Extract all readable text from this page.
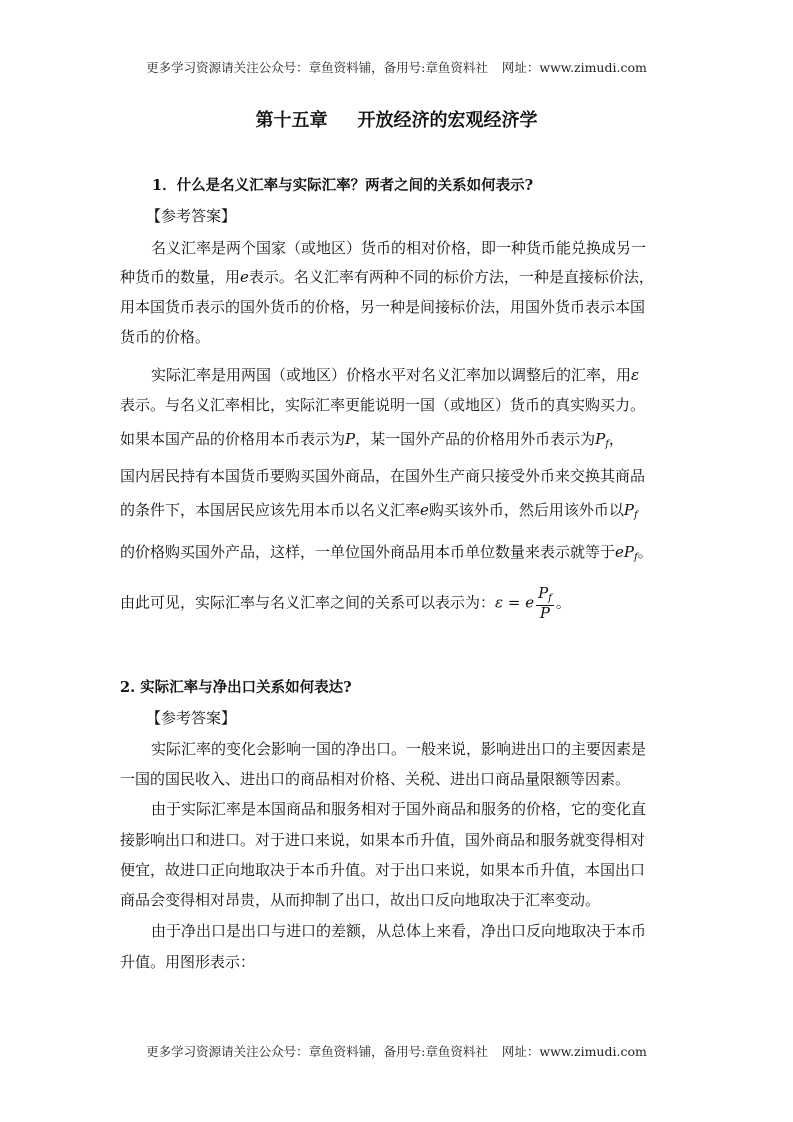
更多学习资源请关注公众号：章鱼资料铺，备用号:章鱼资料社 网址：www.zimudi.com
第十五章 开放经济的宏观经济学
1．什么是名义汇率与实际汇率？两者之间的关系如何表示?
【参考答案】
名义汇率是两个国家（或地区）货币的相对价格，即一种货币能兑换成另一
种货币的数量，用e表示。名义汇率有两种不同的标价方法，一种是直接标价法，
用本国货币表示的国外货币的价格，另一种是间接标价法，用国外货币表示本国
货币的价格。
实际汇率是用两国（或地区）价格水平对名义汇率加以调整后的汇率，用ε
表示。与名义汇率相比，实际汇率更能说明一国（或地区）货币的真实购买力。
如果本国产品的价格用本币表示为P，某一国外产品的价格用外币表示为$P_f$，
国内居民持有本国货币要购买国外商品，在国外生产商只接受外币来交换其商品
的条件下，本国居民应该先用本币以名义汇率e购买该外币，然后用该外币以$P_f$
的价格购买国外产品，这样，一单位国外商品用本币单位数量来表示就等于$eP_f$。
由此可见，实际汇率与名义汇率之间的关系可以表示为：ε = e $\frac{P_f}{P}$ 。
2. 实际汇率与净出口关系如何表达?
【参考答案】
实际汇率的变化会影响一国的净出口。一般来说，影响进出口的主要因素是
一国的国民收入、进出口的商品相对价格、关税、进出口商品量限额等因素。
由于实际汇率是本国商品和服务相对于国外商品和服务的价格，它的变化直
接影响出口和进口。对于进口来说，如果本币升值，国外商品和服务就变得相对
便宜，故进口正向地取决于本币升值。对于出口来说，如果本币升值，本国出口
商品会变得相对昂贵，从而抑制了出口，故出口反向地取决于汇率变动。
由于净出口是出口与进口的差额，从总体上来看，净出口反向地取决于本币
升值。用图形表示：
更多学习资源请关注公众号：章鱼资料铺，备用号:章鱼资料社 网址：www.zimudi.com
